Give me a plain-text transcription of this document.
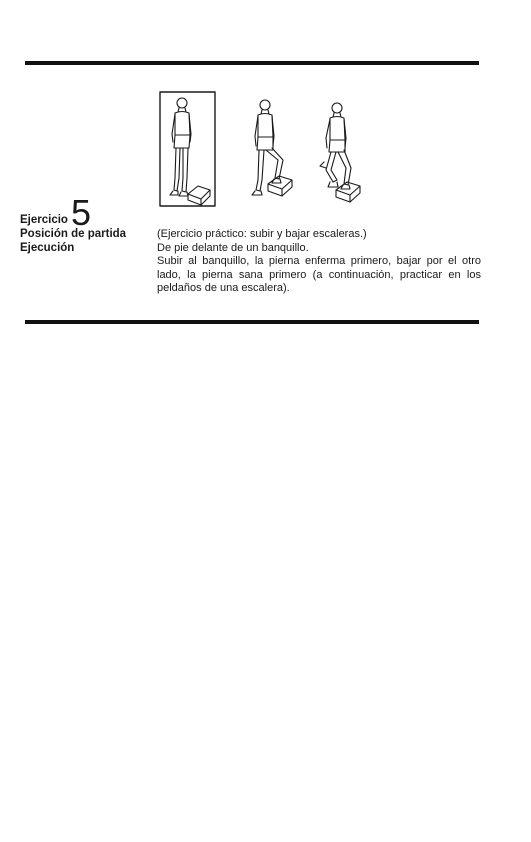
Ejercicio 5
Posición de partida
Ejecución

(Ejercicio práctico: subir y bajar escaleras.)

De pie delante de un banquillo.

Subir al banquillo, la pierna enferma primero, bajar por el otro lado, la pierna sana primero (a continuación, practicar en los peldaños de una escalera).
